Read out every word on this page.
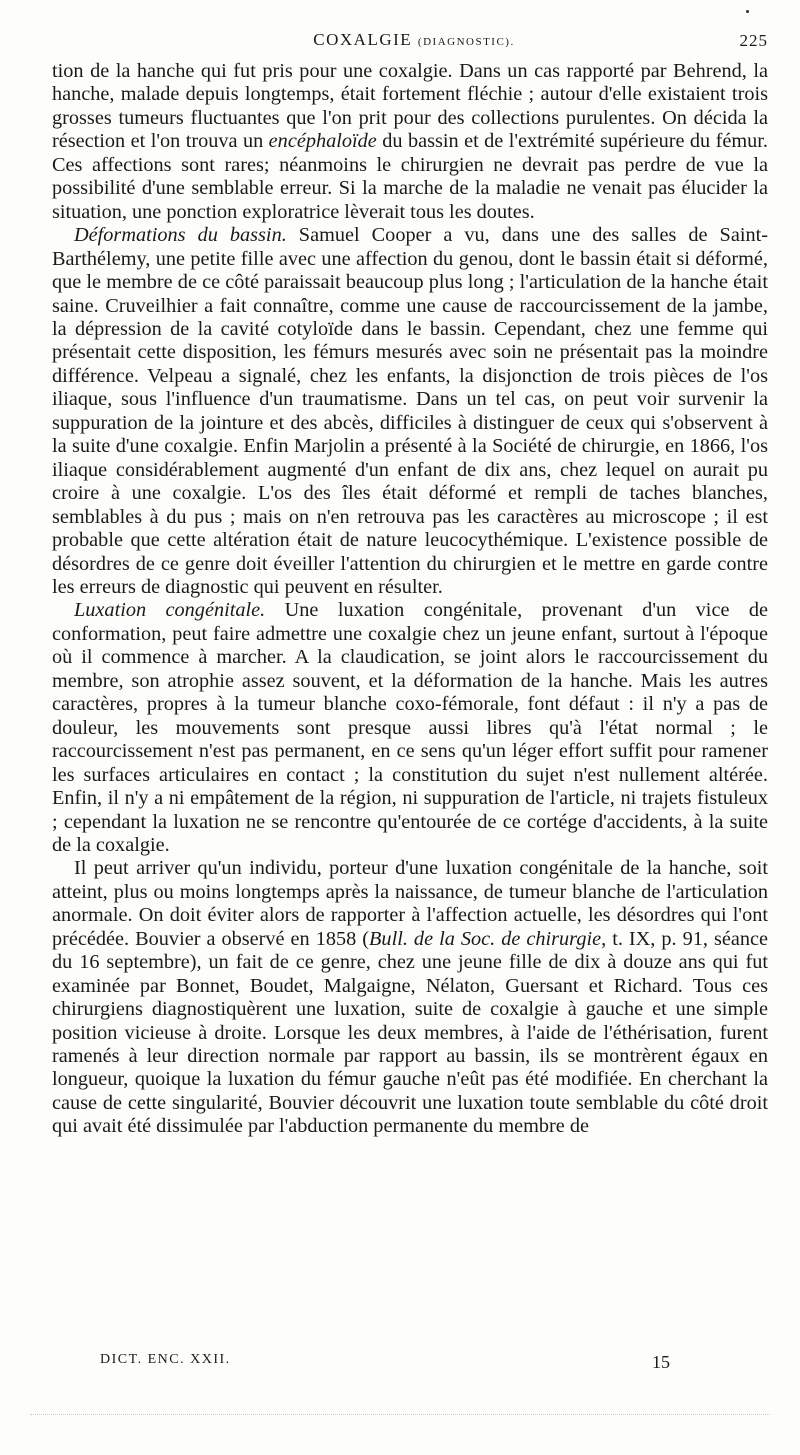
COXALGIE (DIAGNOSTIC).	225

tion de la hanche qui fut pris pour une coxalgie. Dans un cas rapporté par Behrend, la hanche, malade depuis longtemps, était fortement fléchie ; autour d'elle existaient trois grosses tumeurs fluctuantes que l'on prit pour des collections purulentes. On décida la résection et l'on trouva un encéphaloïde du bassin et de l'extrémité supérieure du fémur. Ces affections sont rares; néanmoins le chirurgien ne devrait pas perdre de vue la possibilité d'une semblable erreur. Si la marche de la maladie ne venait pas élucider la situation, une ponction exploratrice lèverait tous les doutes.

Déformations du bassin. Samuel Cooper a vu, dans une des salles de Saint-Barthélemy, une petite fille avec une affection du genou, dont le bassin était si déformé, que le membre de ce côté paraissait beaucoup plus long ; l'articulation de la hanche était saine. Cruveilhier a fait connaître, comme une cause de raccourcissement de la jambe, la dépression de la cavité cotyloïde dans le bassin. Cependant, chez une femme qui présentait cette disposition, les fémurs mesurés avec soin ne présentait pas la moindre différence. Velpeau a signalé, chez les enfants, la disjonction de trois pièces de l'os iliaque, sous l'influence d'un traumatisme. Dans un tel cas, on peut voir survenir la suppuration de la jointure et des abcès, difficiles à distinguer de ceux qui s'observent à la suite d'une coxalgie. Enfin Marjolin a présenté à la Société de chirurgie, en 1866, l'os iliaque considérablement augmenté d'un enfant de dix ans, chez lequel on aurait pu croire à une coxalgie. L'os des îles était déformé et rempli de taches blanches, semblables à du pus ; mais on n'en retrouva pas les caractères au microscope ; il est probable que cette altération était de nature leucocythémique. L'existence possible de désordres de ce genre doit éveiller l'attention du chirurgien et le mettre en garde contre les erreurs de diagnostic qui peuvent en résulter.

Luxation congénitale. Une luxation congénitale, provenant d'un vice de conformation, peut faire admettre une coxalgie chez un jeune enfant, surtout à l'époque où il commence à marcher. A la claudication, se joint alors le raccourcissement du membre, son atrophie assez souvent, et la déformation de la hanche. Mais les autres caractères, propres à la tumeur blanche coxo-fémorale, font défaut : il n'y a pas de douleur, les mouvements sont presque aussi libres qu'à l'état normal ; le raccourcissement n'est pas permanent, en ce sens qu'un léger effort suffit pour ramener les surfaces articulaires en contact ; la constitution du sujet n'est nullement altérée. Enfin, il n'y a ni empâtement de la région, ni suppuration de l'article, ni trajets fistuleux ; cependant la luxation ne se rencontre qu'entourée de ce cortége d'accidents, à la suite de la coxalgie.

Il peut arriver qu'un individu, porteur d'une luxation congénitale de la hanche, soit atteint, plus ou moins longtemps après la naissance, de tumeur blanche de l'articulation anormale. On doit éviter alors de rapporter à l'affection actuelle, les désordres qui l'ont précédée. Bouvier a observé en 1858 (Bull. de la Soc. de chirurgie, t. IX, p. 91, séance du 16 septembre), un fait de ce genre, chez une jeune fille de dix à douze ans qui fut examinée par Bonnet, Boudet, Malgaigne, Nélaton, Guersant et Richard. Tous ces chirurgiens diagnostiquèrent une luxation, suite de coxalgie à gauche et une simple position vicieuse à droite. Lorsque les deux membres, à l'aide de l'éthérisation, furent ramenés à leur direction normale par rapport au bassin, ils se montrèrent égaux en longueur, quoique la luxation du fémur gauche n'eût pas été modifiée. En cherchant la cause de cette singularité, Bouvier découvrit une luxation toute semblable du côté droit qui avait été dissimulée par l'abduction permanente du membre de

DICT. ENC. XXII.	15
